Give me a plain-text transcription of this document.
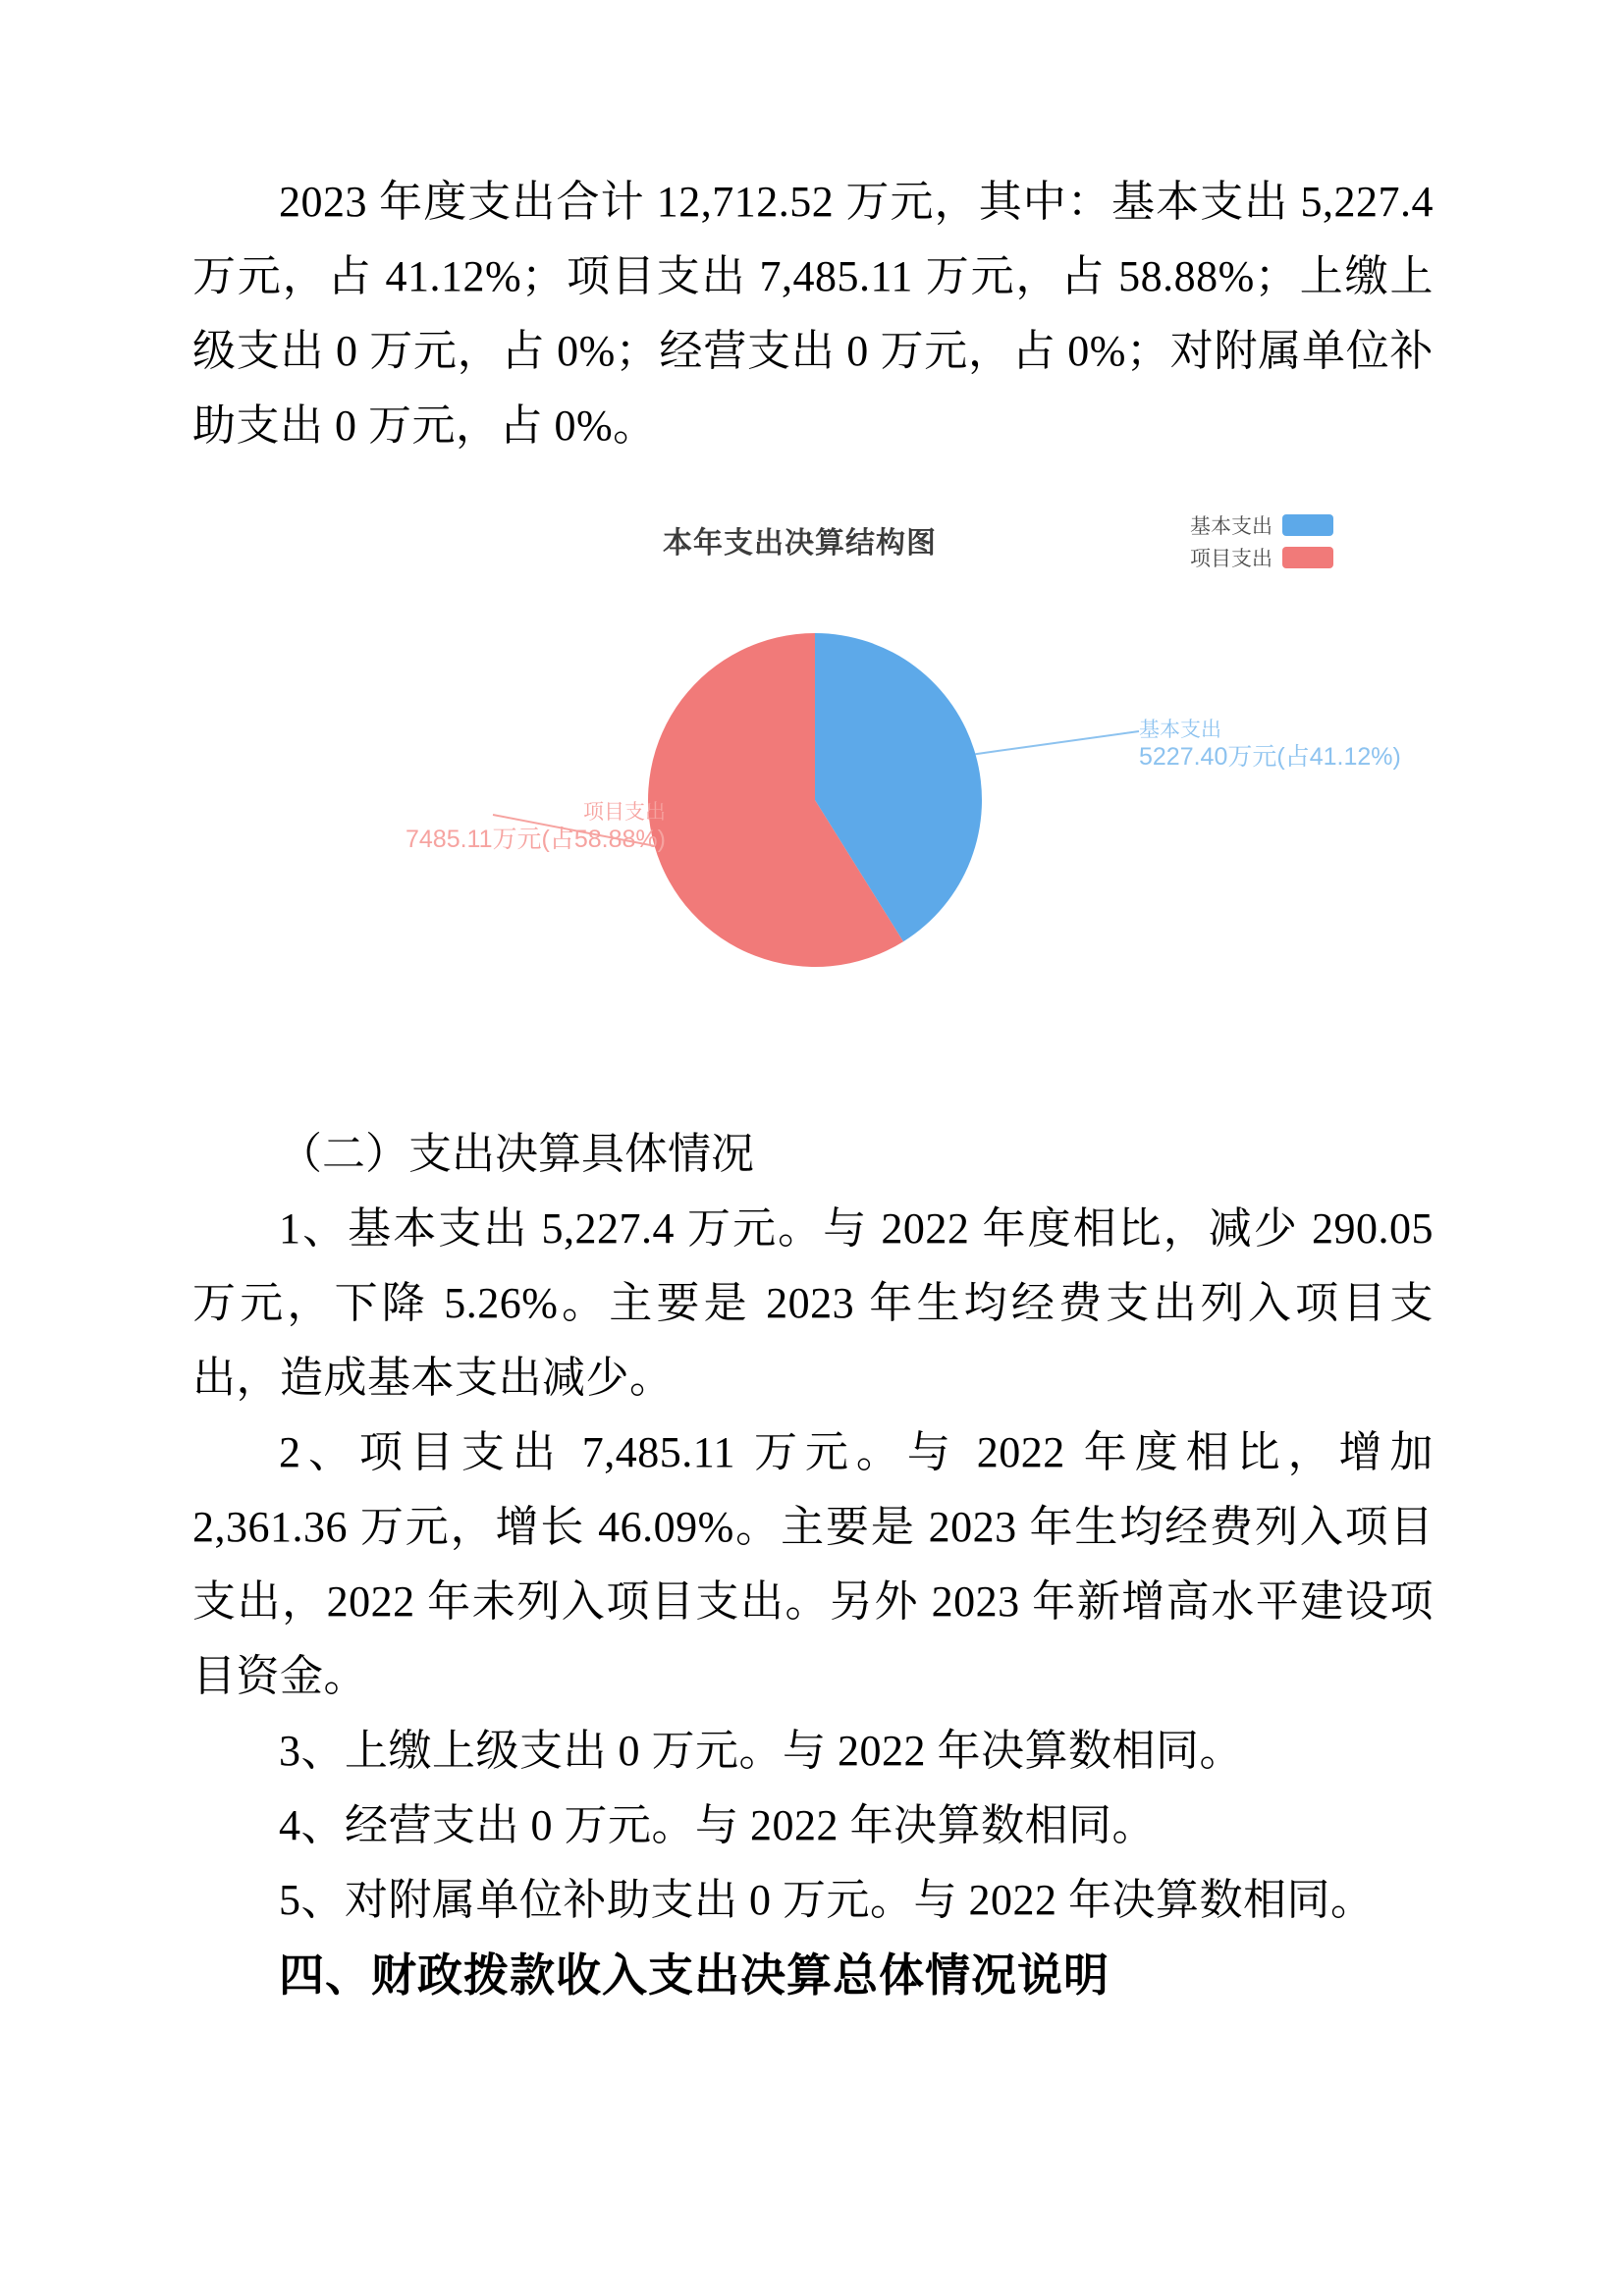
2023 年度支出合计 12,712.52 万元，其中：基本支出 5,227.4 万元，占 41.12%；项目支出 7,485.11 万元，占 58.88%；上缴上级支出 0 万元，占 0%；经营支出 0 万元，占 0%；对附属单位补助支出 0 万元，占 0%。

本年支出决算结构图
基本支出
项目支出
基本支出
5227.40万元(占41.12%)
项目支出
7485.11万元(占58.88%)

（二）支出决算具体情况

1、基本支出 5,227.4 万元。与 2022 年度相比，减少 290.05 万元，下降 5.26%。主要是 2023 年生均经费支出列入项目支出，造成基本支出减少。

2、项目支出 7,485.11 万元。与 2022 年度相比，增加 2,361.36 万元，增长 46.09%。主要是 2023 年生均经费列入项目支出，2022 年未列入项目支出。另外 2023 年新增高水平建设项目资金。

3、上缴上级支出 0 万元。与 2022 年决算数相同。

4、经营支出 0 万元。与 2022 年决算数相同。

5、对附属单位补助支出 0 万元。与 2022 年决算数相同。

四、财政拨款收入支出决算总体情况说明
